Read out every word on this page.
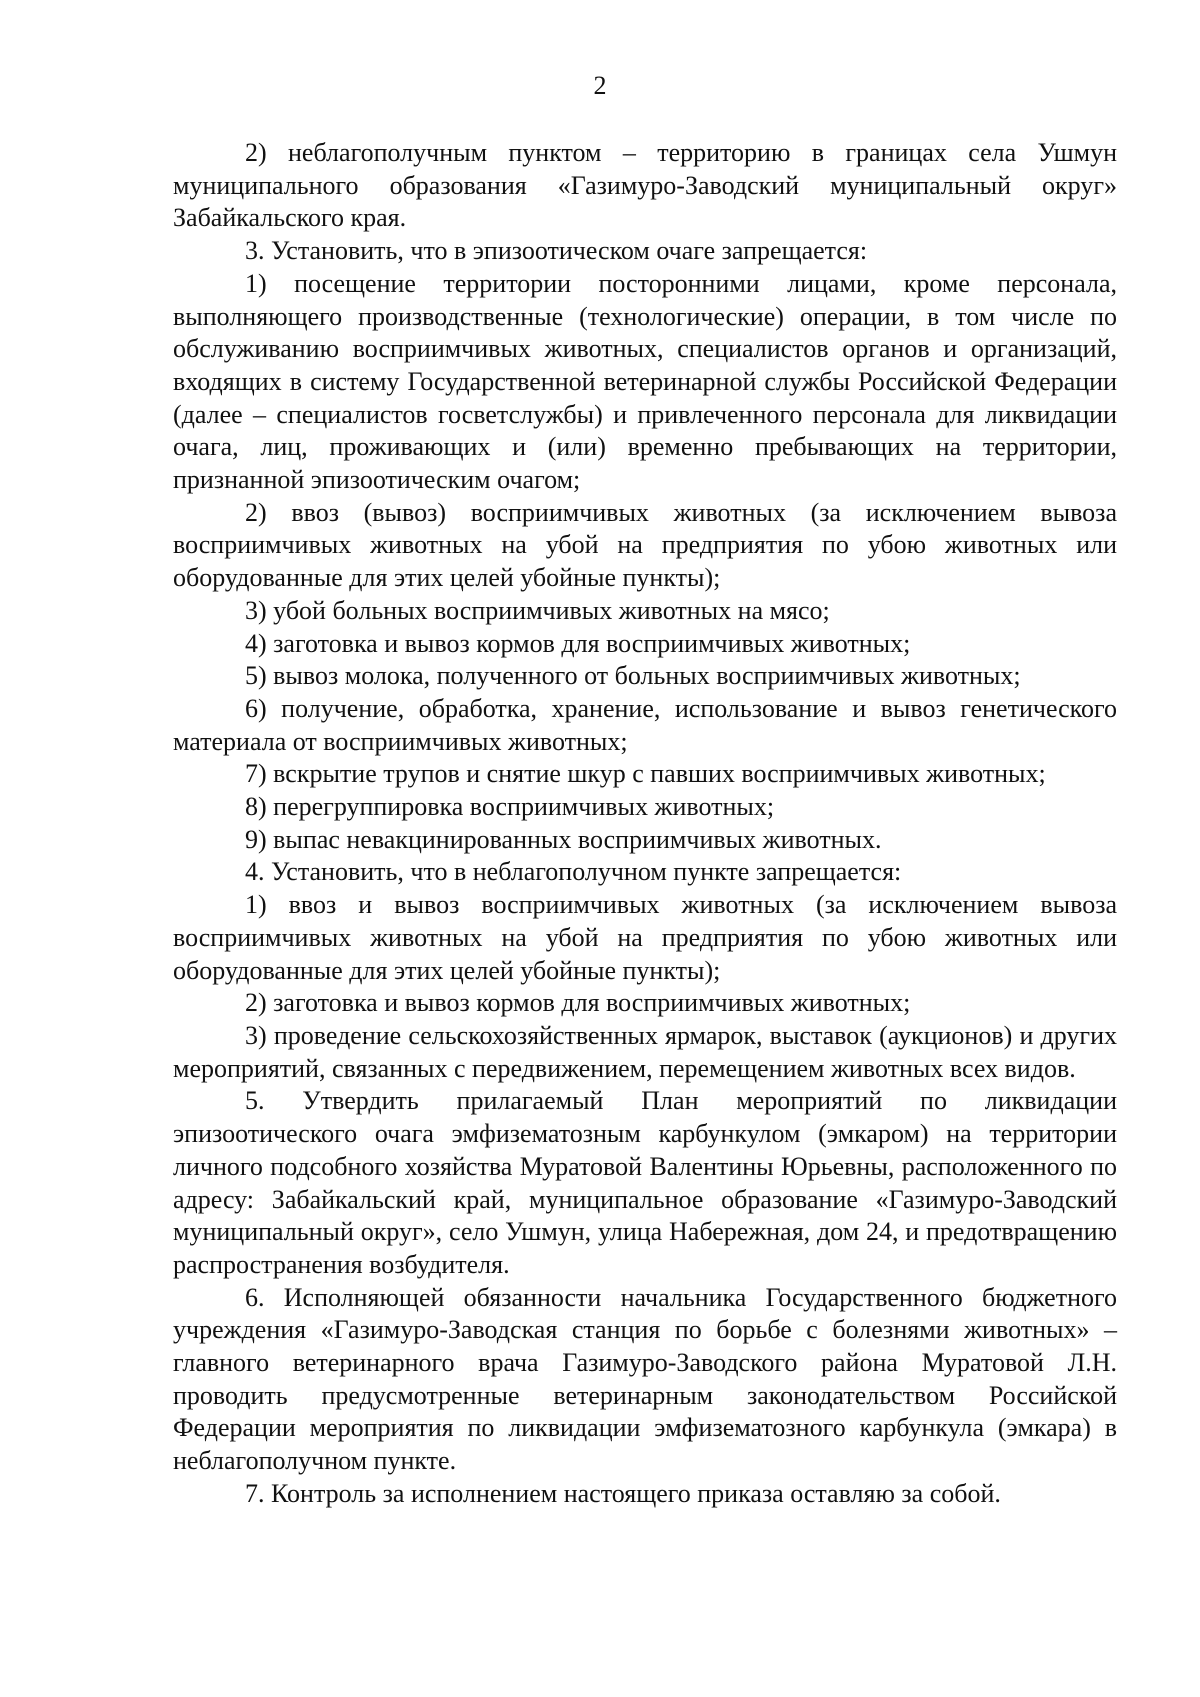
2

2) неблагополучным пунктом – территорию в границах села Ушмун муниципального образования «Газимуро-Заводский муниципальный округ» Забайкальского края.

3. Установить, что в эпизоотическом очаге запрещается:

1) посещение территории посторонними лицами, кроме персонала, выполняющего производственные (технологические) операции, в том числе по обслуживанию восприимчивых животных, специалистов органов и организаций, входящих в систему Государственной ветеринарной службы Российской Федерации (далее – специалистов госветслужбы) и привлеченного персонала для ликвидации очага, лиц, проживающих и (или) временно пребывающих на территории, признанной эпизоотическим очагом;

2) ввоз (вывоз) восприимчивых животных (за исключением вывоза восприимчивых животных на убой на предприятия по убою животных или оборудованные для этих целей убойные пункты);

3) убой больных восприимчивых животных на мясо;

4) заготовка и вывоз кормов для восприимчивых животных;

5) вывоз молока, полученного от больных восприимчивых животных;

6) получение, обработка, хранение, использование и вывоз генетического материала от восприимчивых животных;

7) вскрытие трупов и снятие шкур с павших восприимчивых животных;

8) перегруппировка восприимчивых животных;

9) выпас невакцинированных восприимчивых животных.

4. Установить, что в неблагополучном пункте запрещается:

1) ввоз и вывоз восприимчивых животных (за исключением вывоза восприимчивых животных на убой на предприятия по убою животных или оборудованные для этих целей убойные пункты);

2) заготовка и вывоз кормов для восприимчивых животных;

3) проведение сельскохозяйственных ярмарок, выставок (аукционов) и других мероприятий, связанных с передвижением, перемещением животных всех видов.

5. Утвердить прилагаемый План мероприятий по ликвидации эпизоотического очага эмфизематозным карбункулом (эмкаром) на территории личного подсобного хозяйства Муратовой Валентины Юрьевны, расположенного по адресу: Забайкальский край, муниципальное образование «Газимуро-Заводский муниципальный округ», село Ушмун, улица Набережная, дом 24, и предотвращению распространения возбудителя.

6. Исполняющей обязанности начальника Государственного бюджетного учреждения «Газимуро-Заводская станция по борьбе с болезнями животных» – главного ветеринарного врача Газимуро-Заводского района Муратовой Л.Н. проводить предусмотренные ветеринарным законодательством Российской Федерации мероприятия по ликвидации эмфизематозного карбункула (эмкара) в неблагополучном пункте.

7. Контроль за исполнением настоящего приказа оставляю за собой.
